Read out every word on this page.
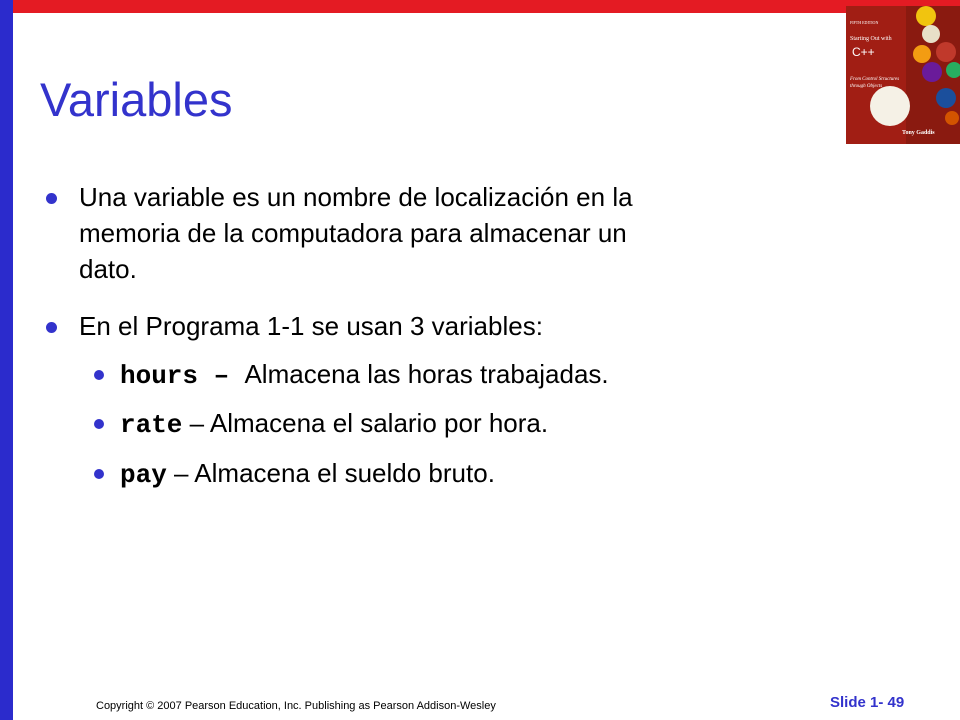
FIFTH EDITION
Starting Out with
C++
From Control Structures
through Objects
Tony Gaddis
Variables
Una variable es un nombre de localización en la
memoria de la computadora para almacenar un
dato.
En el Programa 1-1 se usan 3 variables:
hours – Almacena las horas trabajadas.
rate – Almacena el salario por hora.
pay – Almacena el sueldo bruto.
Copyright © 2007 Pearson Education, Inc. Publishing as Pearson Addison-Wesley	Slide 1- 49
